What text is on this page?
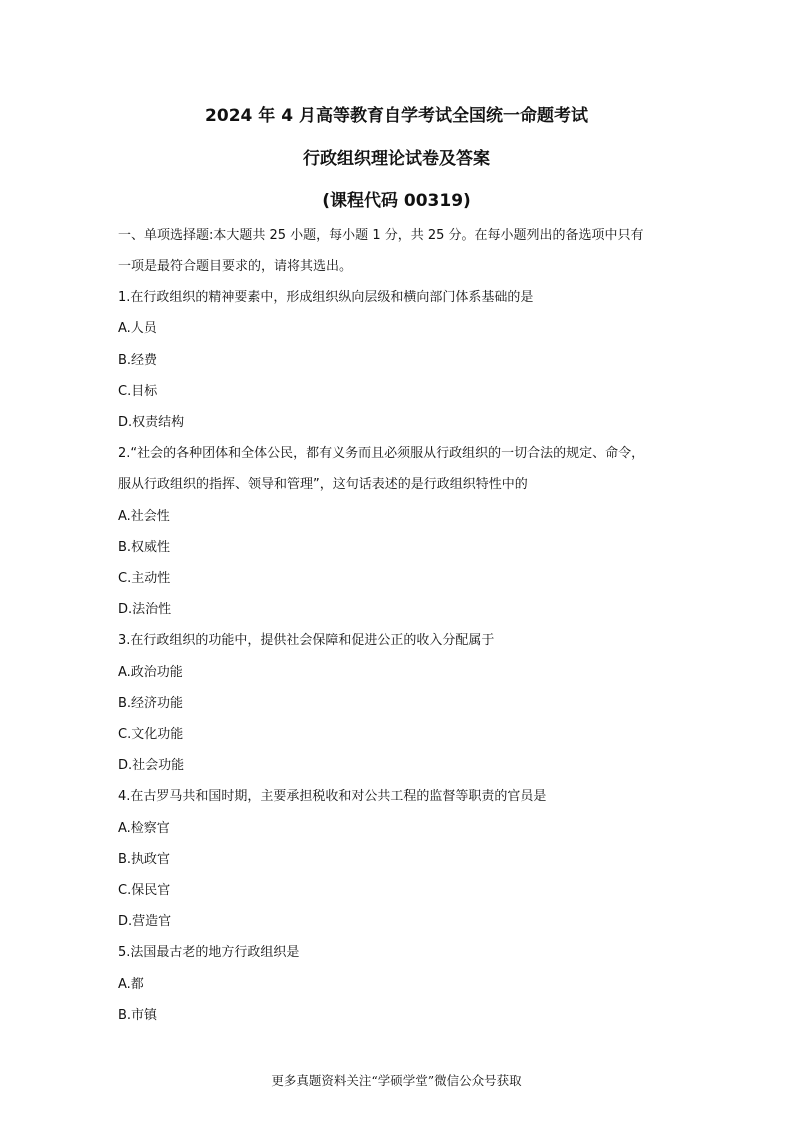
2024 年 4 月高等教育自学考试全国统一命题考试
行政组织理论试卷及答案
(课程代码 00319)
一、单项选择题:本大题共 25 小题，每小题 1 分，共 25 分。在每小题列出的备选项中只有
一项是最符合题目要求的，请将其选出。
1.在行政组织的精神要素中，形成组织纵向层级和横向部门体系基础的是
A.人员
B.经费
C.目标
D.权责结构
2.“社会的各种团体和全体公民，都有义务而且必须服从行政组织的一切合法的规定、命令，
服从行政组织的指挥、领导和管理”，这句话表述的是行政组织特性中的
A.社会性
B.权威性
C.主动性
D.法治性
3.在行政组织的功能中，提供社会保障和促进公正的收入分配属于
A.政治功能
B.经济功能
C.文化功能
D.社会功能
4.在古罗马共和国时期，主要承担税收和对公共工程的监督等职责的官员是
A.检察官
B.执政官
C.保民官
D.营造官
5.法国最古老的地方行政组织是
A.都
B.市镇
更多真题资料关注“学硕学堂”微信公众号获取
